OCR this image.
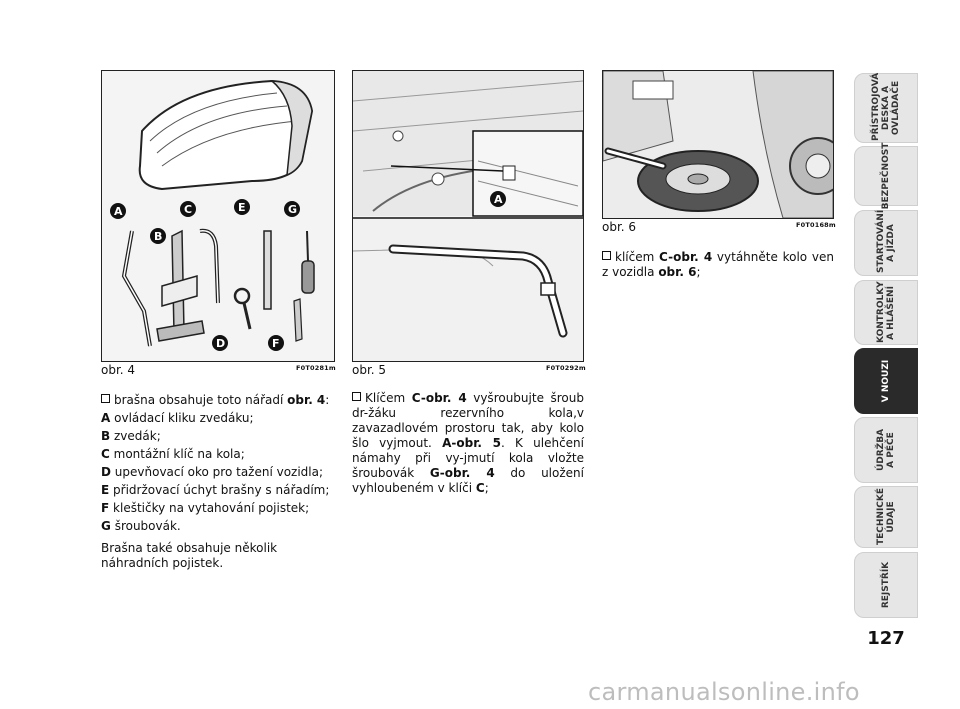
A
B
C
D
E
F
G
obr. 4	F0T0281m
A
obr. 5	F0T0292m
obr. 6	F0T0168m

brašna obsahuje toto nářadí obr. 4:

A ovládací kliku zvedáku;

B zvedák;

C montážní klíč na kola;

D upevňovací oko pro tažení vozidla;

E přidržovací úchyt brašny s nářadím;

F kleštičky na vytahování pojistek;

G šroubovák.

Brašna také obsahuje několik náhradních pojistek.

Klíčem C-obr. 4 vyšroubujte šroub dr-žáku rezervního kola,v zavazadlovém prostoru tak, aby kolo šlo vyjmout. A-obr. 5. K ulehčení námahy při vy-jmutí kola vložte šroubovák G-obr. 4 do uložení vyhloubeném v klíči C;

klíčem C-obr. 4 vytáhněte kolo ven z vozidla obr. 6;

PŘÍSTROJOVÁ DESKA A OVLÁDAČE
BEZPEČNOST
STARTOVÁNÍ A JÍZDA
KONTROLKY A HLÁŠENÍ
V NOUZI
ÚDRŽBA A PÉČE
TECHNICKÉ ÚDAJE
REJSTŘÍK
127
carmanualsonline.info
